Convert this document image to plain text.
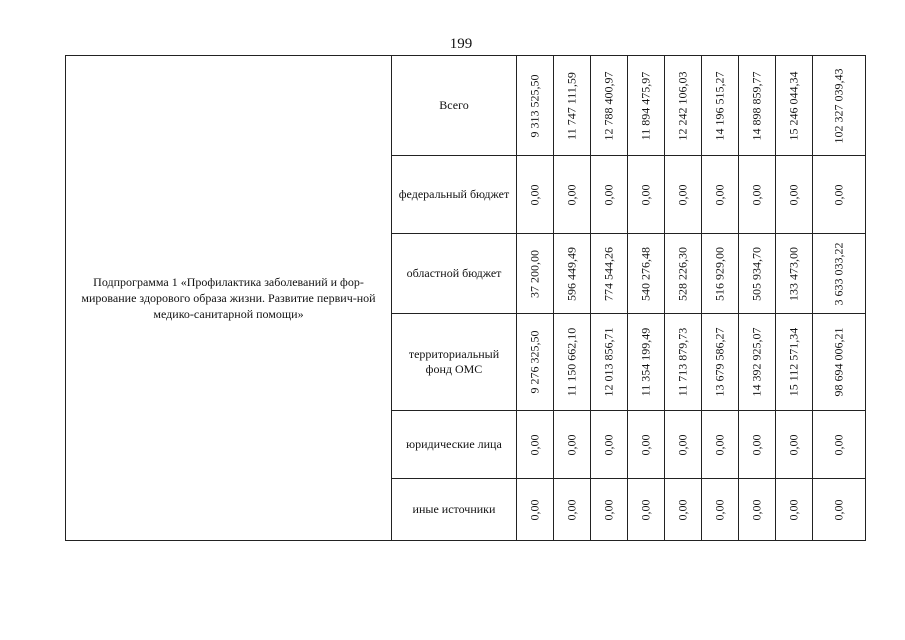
199
Подпрограмма 1 «Профилактика заболеваний и фор-мирование здорового образа жизни. Развитие первич-ной медико-санитарной помощи»	Всего	9 313 525,50	11 747 111,59	12 788 400,97	11 894 475,97	12 242 106,03	14 196 515,27	14 898 859,77	15 246 044,34	102 327 039,43

	федеральный бюджет	0,00	0,00	0,00	0,00	0,00	0,00	0,00	0,00	0,00

	областной бюджет	37 200,00	596 449,49	774 544,26	540 276,48	528 226,30	516 929,00	505 934,70	133 473,00	3 633 033,22

	территориальный фонд ОМС	9 276 325,50	11 150 662,10	12 013 856,71	11 354 199,49	11 713 879,73	13 679 586,27	14 392 925,07	15 112 571,34	98 694 006,21

	юридические лица	0,00	0,00	0,00	0,00	0,00	0,00	0,00	0,00	0,00

	иные источники	0,00	0,00	0,00	0,00	0,00	0,00	0,00	0,00	0,00
